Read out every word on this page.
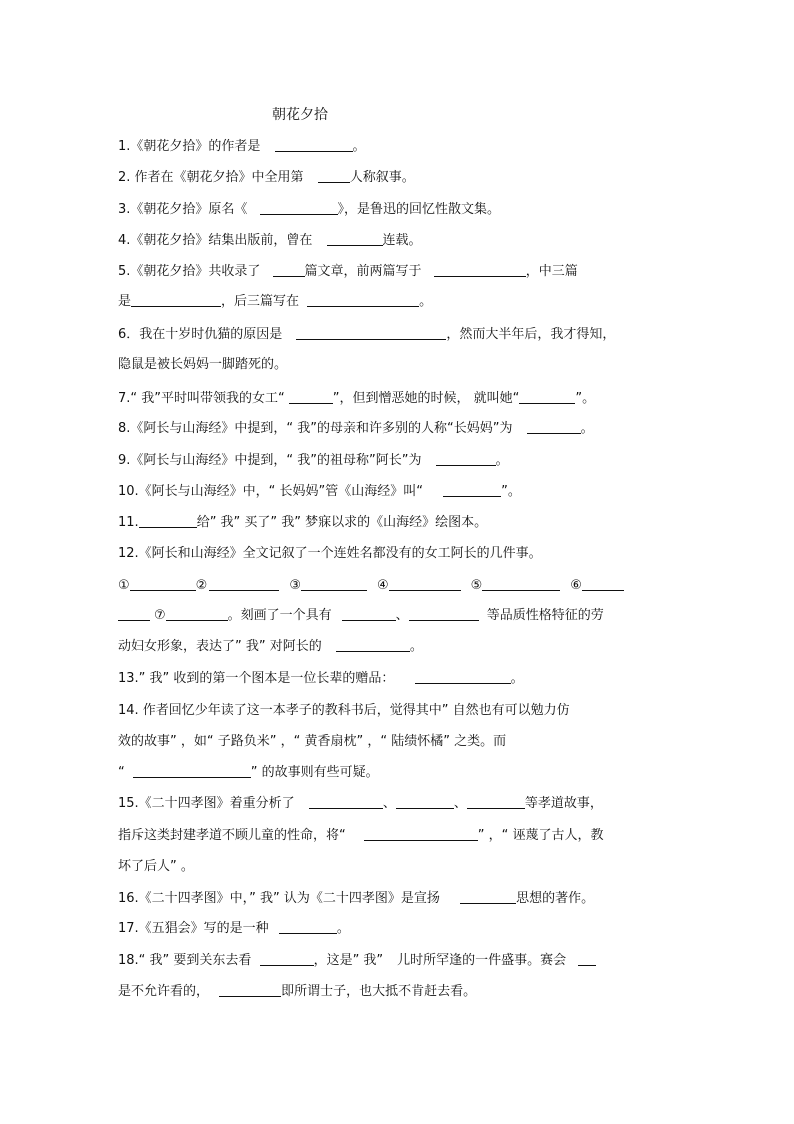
朝花夕拾
1.《朝花夕拾》的作者是	。
2. 作者在《朝花夕拾》中全用第	人称叙事。
3.《朝花夕拾》原名《	》，是鲁迅的回忆性散文集。
4.《朝花夕拾》结集出版前，曾在	连载。
5.《朝花夕拾》共收录了	篇文章，前两篇写于	，中三篇
是	，后三篇写在	。
6．我在十岁时仇猫的原因是	，然而大半年后，我才得知，
隐鼠是被长妈妈一脚踏死的。
7.“ 我”平时叫带领我的女工“	”，但到憎恶她的时候， 就叫她“	”。
8.《阿长与山海经》中提到，“ 我”的母亲和许多别的人称“长妈妈”为	。
9.《阿长与山海经》中提到，“ 我”的祖母称”阿长”为	。
10.《阿长与山海经》中，“ 长妈妈”管《山海经》叫“	”。
11.	给” 我” 买了” 我” 梦寐以求的《山海经》绘图本。
12.《阿长和山海经》全文记叙了一个连姓名都没有的女工阿长的几件事。
①	②	③	④	⑤	⑥
⑦	。刻画了一个具有	、	等品质性格特征的劳
动妇女形象，表达了” 我” 对阿长的	。
13.” 我” 收到的第一个图本是一位长辈的赠品：	。
14. 作者回忆少年读了这一本孝子的教科书后，觉得其中” 自然也有可以勉力仿
效的故事” ，如“ 子路负米” ，“ 黄香扇枕” ，“ 陆绩怀橘” 之类。而
“	” 的故事则有些可疑。
15.《二十四孝图》着重分析了	、	、	等孝道故事，
指斥这类封建孝道不顾儿童的性命，将“	” ，“ 诬蔑了古人，教
坏了后人” 。
16.《二十四孝图》中，” 我” 认为《二十四孝图》是宣扬	思想的著作。
17.《五猖会》写的是一种	。
18.“ 我” 要到关东去看	，这是” 我” 儿时所罕逢的一件盛事。赛会
是不允许看的，	即所谓士子，也大抵不肯赶去看。
